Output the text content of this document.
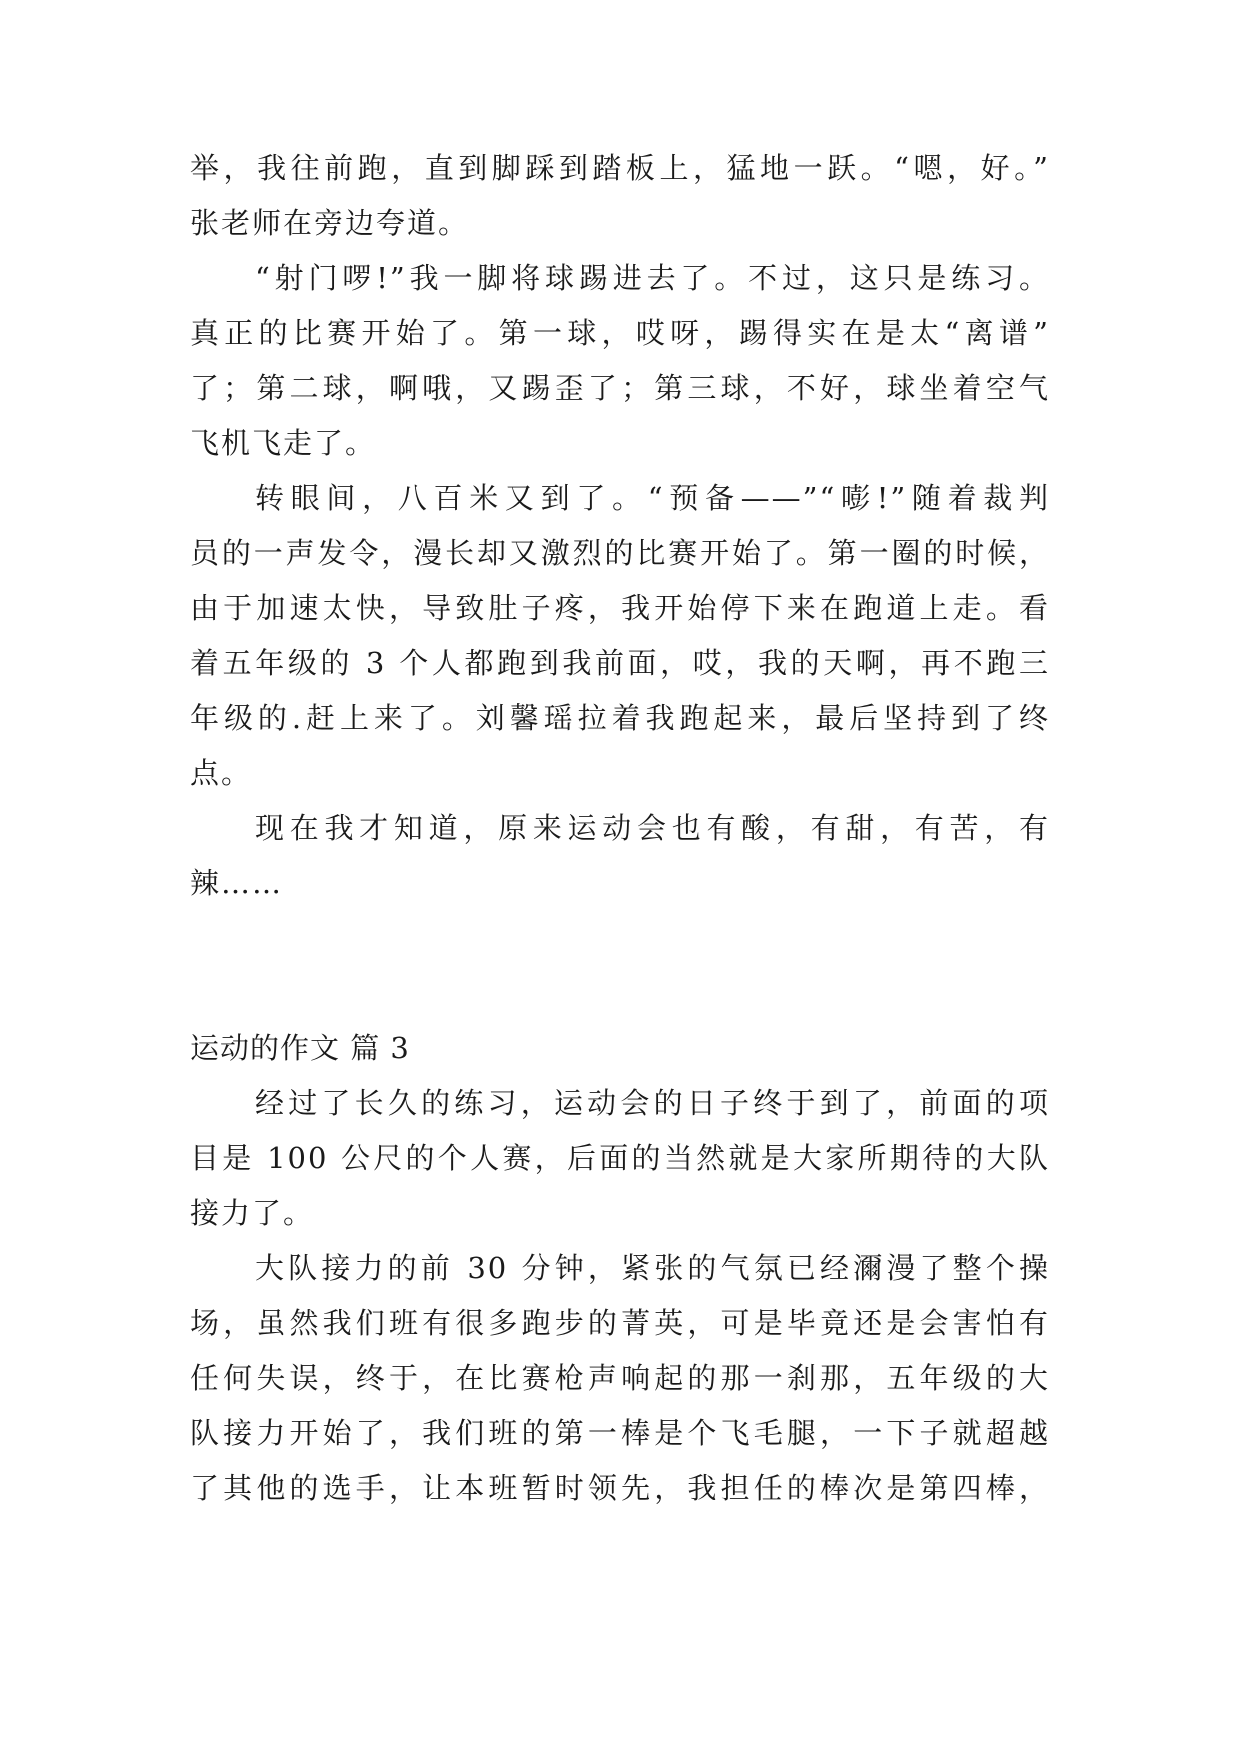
举，我往前跑，直到脚踩到踏板上，猛地一跃。“嗯，好。”
张老师在旁边夸道。
“射门啰!”我一脚将球踢进去了。不过，这只是练习。
真正的比赛开始了。第一球，哎呀，踢得实在是太“离谱”
了；第二球，啊哦，又踢歪了；第三球，不好，球坐着空气
飞机飞走了。
转眼间，八百米又到了。“预备——”“嘭!”随着裁判
员的一声发令，漫长却又激烈的比赛开始了。第一圈的时候，
由于加速太快，导致肚子疼，我开始停下来在跑道上走。看
着五年级的 3 个人都跑到我前面，哎，我的天啊，再不跑三
年级的.赶上来了。刘馨瑶拉着我跑起来，最后坚持到了终
点。
现在我才知道，原来运动会也有酸，有甜，有苦，有
辣……
运动的作文 篇 3
经过了长久的练习，运动会的日子终于到了，前面的项
目是 100 公尺的个人赛，后面的当然就是大家所期待的大队
接力了。
大队接力的前 30 分钟，紧张的气氛已经濔漫了整个操
场，虽然我们班有很多跑步的菁英，可是毕竟还是会害怕有
任何失误，终于，在比赛枪声响起的那一刹那，五年级的大
队接力开始了，我们班的第一棒是个飞毛腿，一下子就超越
了其他的选手，让本班暂时领先，我担任的棒次是第四棒，
